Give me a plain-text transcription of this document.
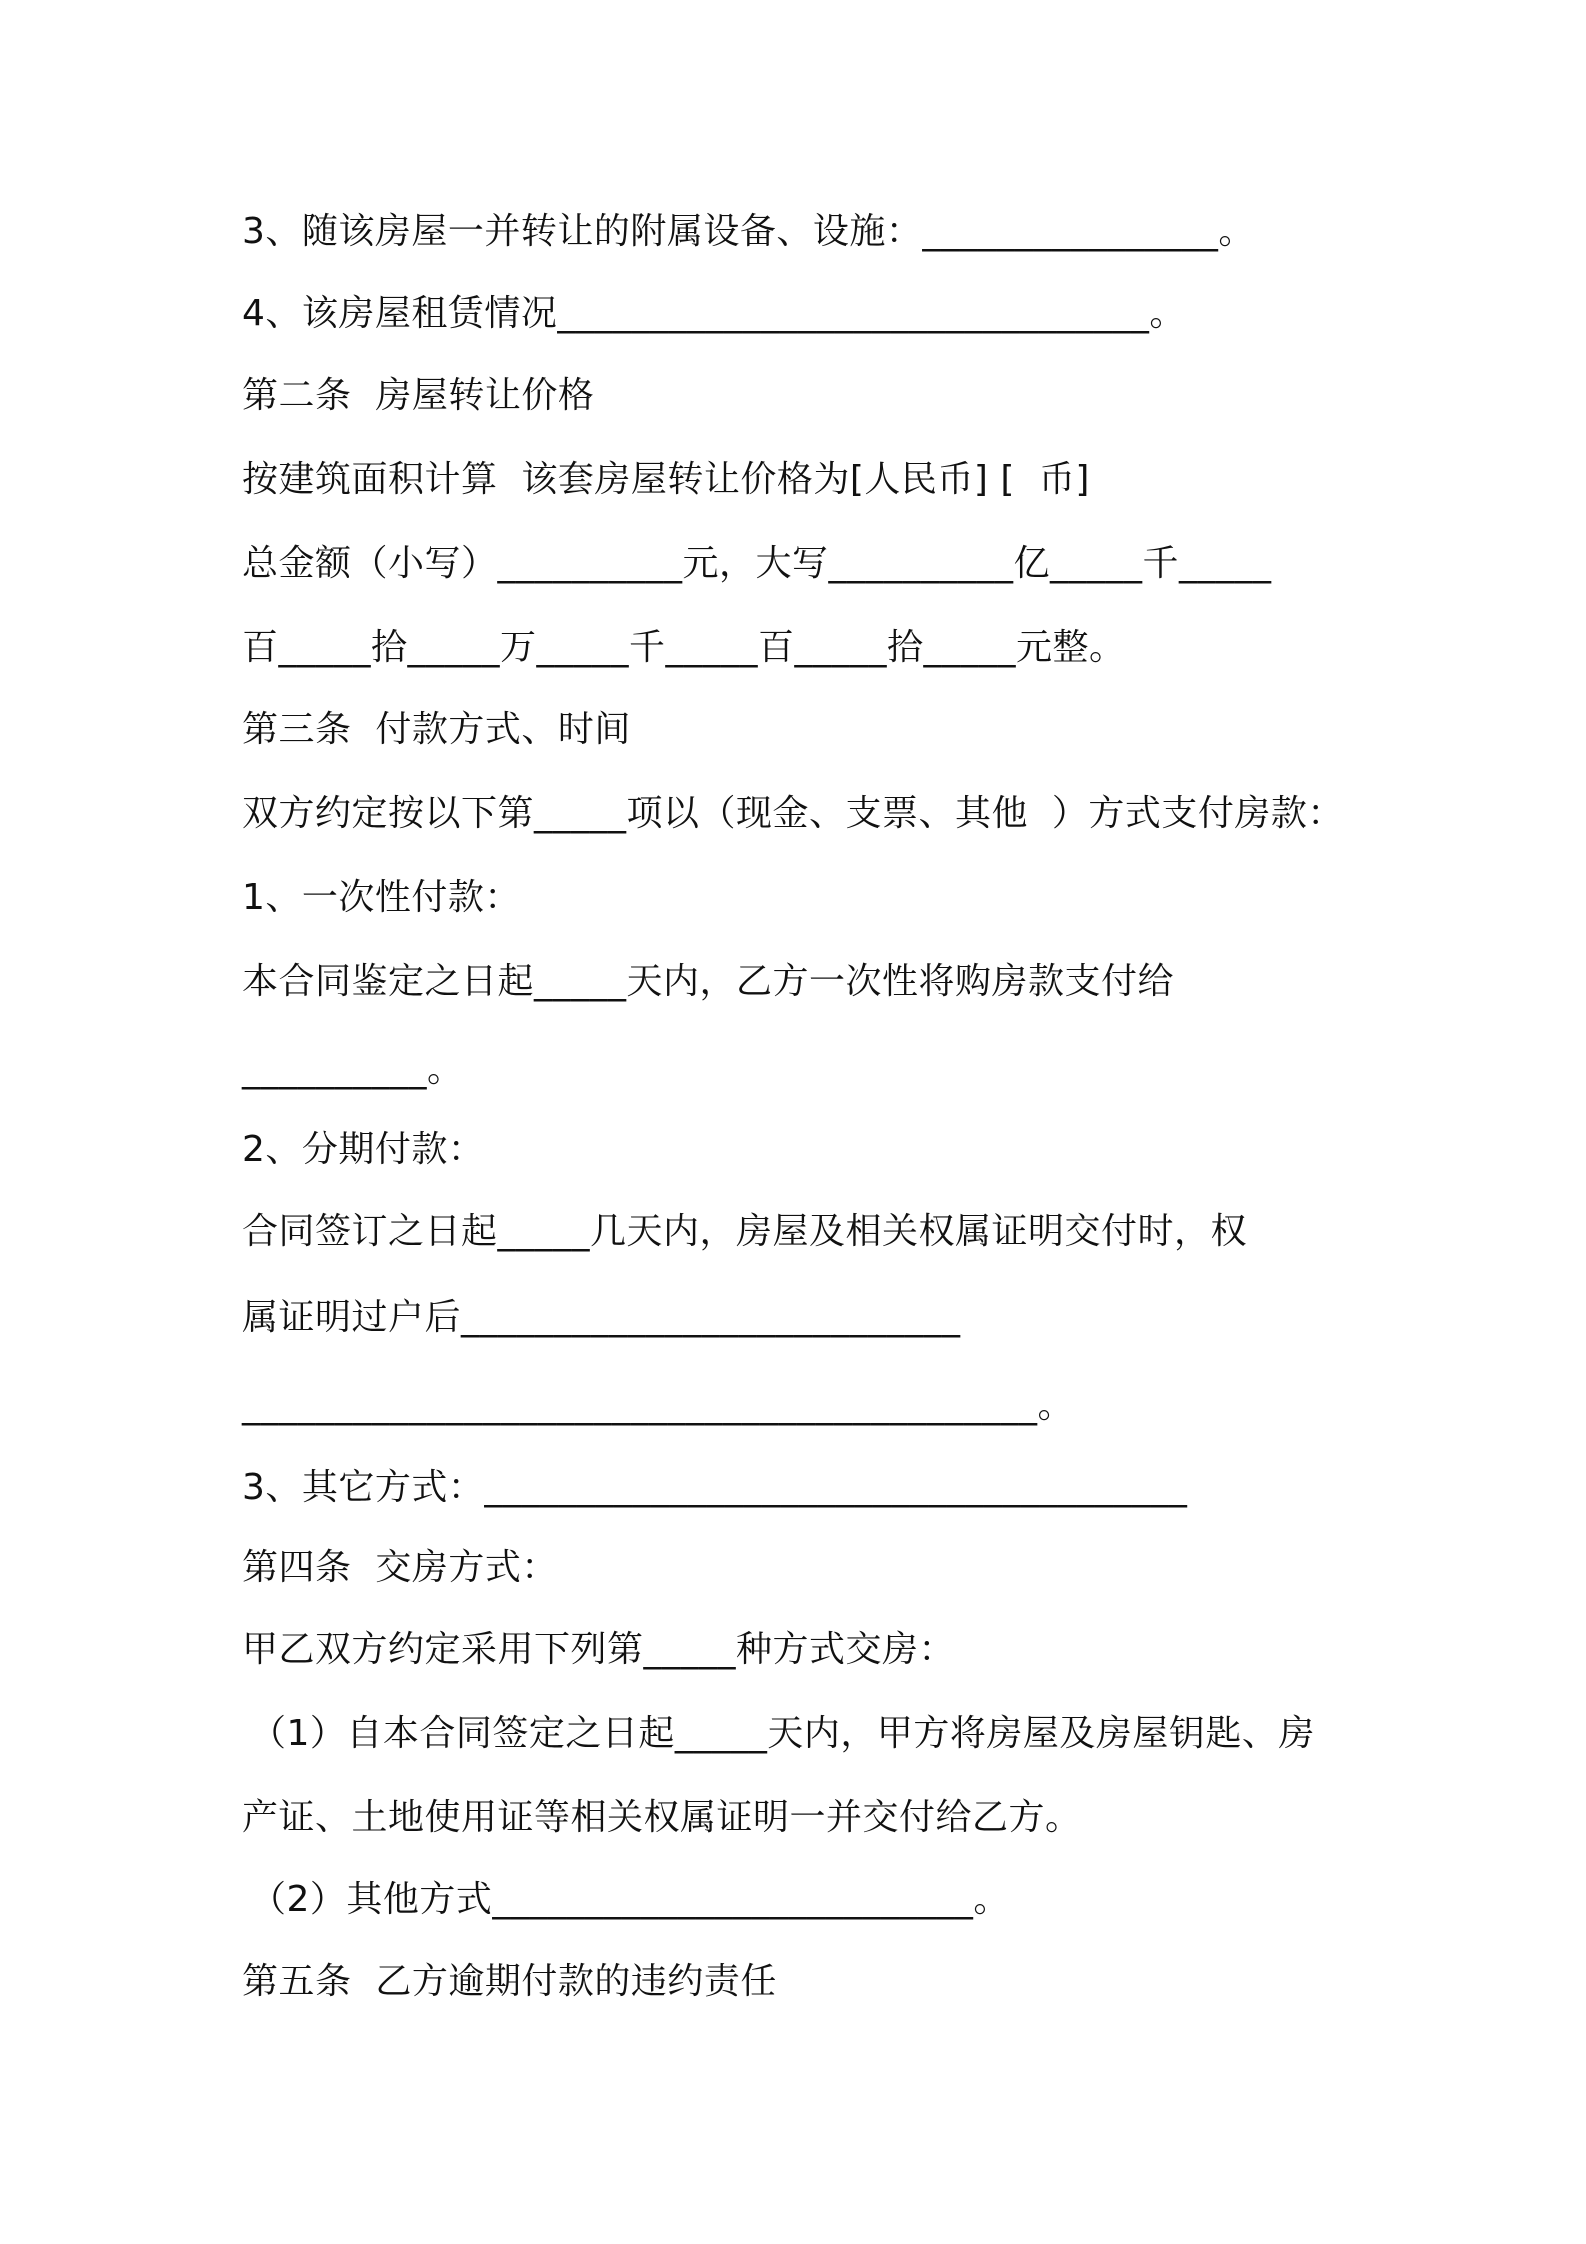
3、随该房屋一并转让的附属设备、设施：________________。
4、该房屋租赁情况________________________________。
第二条  房屋转让价格
按建筑面积计算  该套房屋转让价格为[人民币] [  币]
总金额（小写）__________元，大写__________亿_____千_____
百_____拾_____万_____千_____百_____拾_____元整。
第三条  付款方式、时间
双方约定按以下第_____项以（现金、支票、其他  ）方式支付房款：
1、一次性付款：
本合同鉴定之日起_____天内，乙方一次性将购房款支付给
__________。
2、分期付款：
合同签订之日起_____几天内，房屋及相关权属证明交付时，权
属证明过户后___________________________
___________________________________________。
3、其它方式：______________________________________
第四条  交房方式：
甲乙双方约定采用下列第_____种方式交房：
（1）自本合同签定之日起_____天内，甲方将房屋及房屋钥匙、房
产证、土地使用证等相关权属证明一并交付给乙方。
（2）其他方式__________________________。
第五条  乙方逾期付款的违约责任
